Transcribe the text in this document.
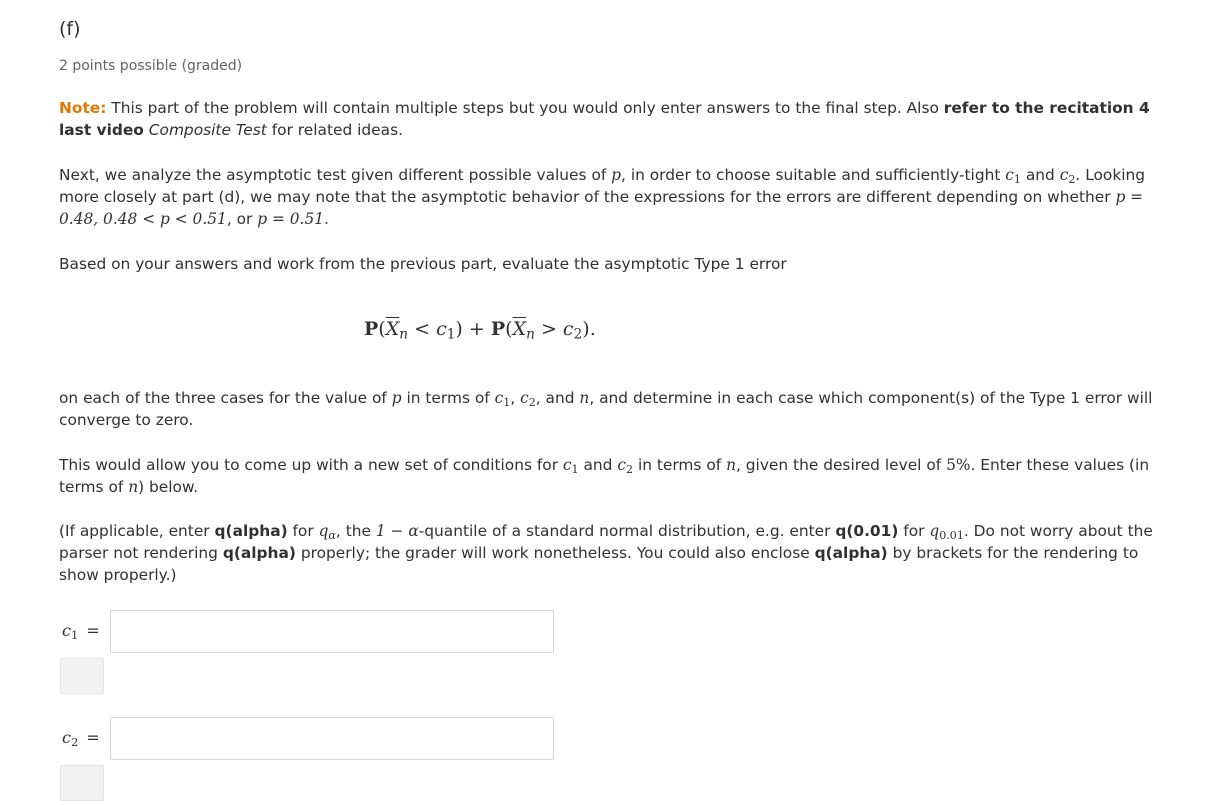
(f)
2 points possible (graded)
Note: This part of the problem will contain multiple steps but you would only enter answers to the final step. Also refer to the recitation 4 last video Composite Test for related ideas.
Next, we analyze the asymptotic test given different possible values of p, in order to choose suitable and sufficiently-tight $c_1$ and $c_2$. Looking more closely at part (d), we may note that the asymptotic behavior of the expressions for the errors are different depending on whether p = 0.48, 0.48 < p < 0.51, or p = 0.51.
Based on your answers and work from the previous part, evaluate the asymptotic Type 1 error
$P(\overline{X}_n < c_1) + P(\overline{X}_n > c_2)$.
on each of the three cases for the value of p in terms of $c_1$, $c_2$, and n, and determine in each case which component(s) of the Type 1 error will converge to zero.
This would allow you to come up with a new set of conditions for $c_1$ and $c_2$ in terms of n, given the desired level of 5%. Enter these values (in terms of n) below.
(If applicable, enter q(alpha) for $q_\alpha$, the 1 − α-quantile of a standard normal distribution, e.g. enter q(0.01) for $q_{0.01}$. Do not worry about the parser not rendering q(alpha) properly; the grader will work nonetheless. You could also enclose q(alpha) by brackets for the rendering to show properly.)
$c_1$ =
$c_2$ =
